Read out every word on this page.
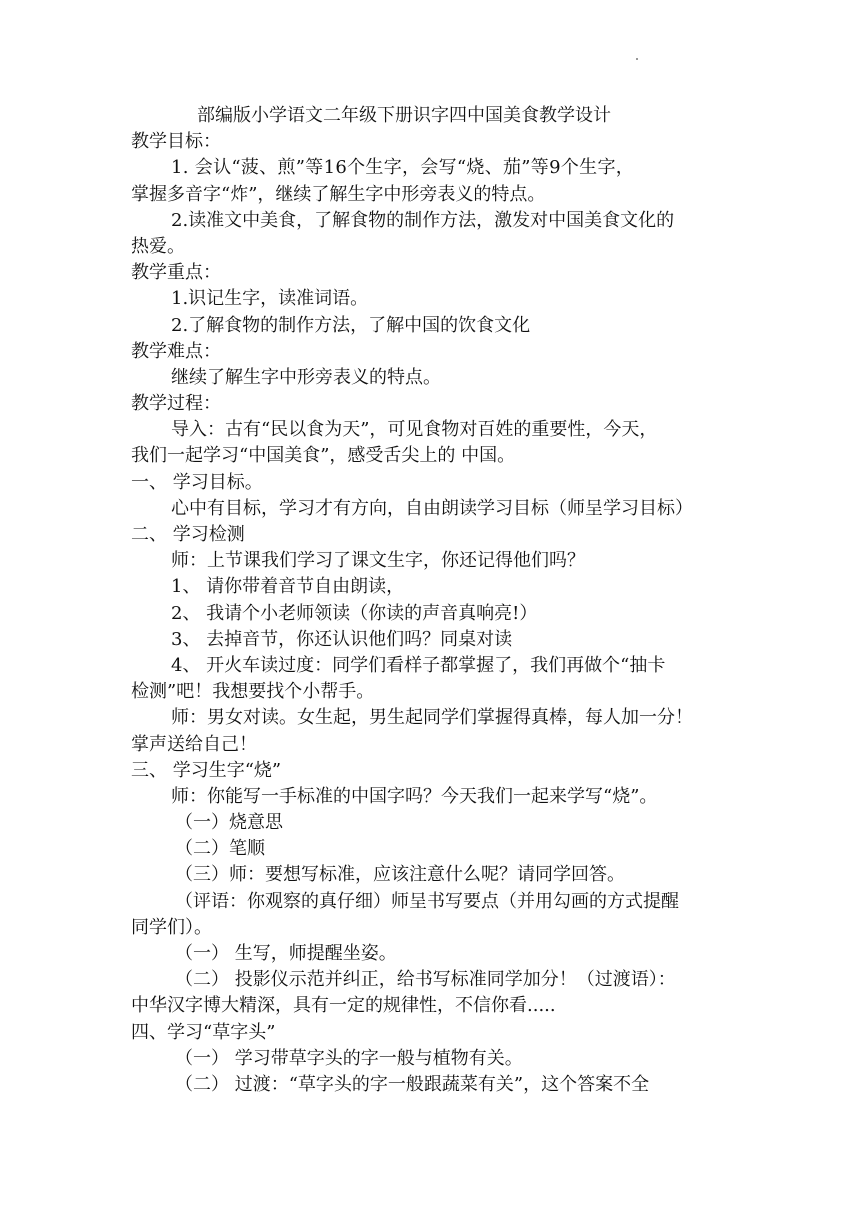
部编版小学语文二年级下册识字四中国美食教学设计
教学目标：
1. 会认“菠、煎”等16个生字，会写“烧、茄”等9个生字，
掌握多音字“炸”，继续了解生字中形旁表义的特点。
2.读准文中美食，了解食物的制作方法，激发对中国美食文化的
热爱。
教学重点：
1.识记生字，读准词语。
2.了解食物的制作方法，了解中国的饮食文化
教学难点：
继续了解生字中形旁表义的特点。
教学过程：
导入：古有“民以食为天”，可见食物对百姓的重要性，今天，
我们一起学习“中国美食”，感受舌尖上的 中国。
一、 学习目标。
心中有目标，学习才有方向，自由朗读学习目标（师呈学习目标）
二、 学习检测
师：上节课我们学习了课文生字，你还记得他们吗？
1、 请你带着音节自由朗读，
2、 我请个小老师领读（你读的声音真响亮!）
3、 去掉音节，你还认识他们吗？同桌对读
4、 开火车读过度：同学们看样子都掌握了，我们再做个“抽卡
检测”吧！我想要找个小帮手。
师：男女对读。女生起，男生起同学们掌握得真棒，每人加一分！
掌声送给自己！
三、 学习生字“烧”
师：你能写一手标准的中国字吗？今天我们一起来学写“烧”。
（一）烧意思
（二）笔顺
（三）师：要想写标准，应该注意什么呢？请同学回答。
（评语：你观察的真仔细）师呈书写要点（并用勾画的方式提醒
同学们）。
（一） 生写，师提醒坐姿。
（二） 投影仪示范并纠正，给书写标准同学加分！（过渡语）：
中华汉字博大精深，具有一定的规律性，不信你看.....
四、学习“草字头”
（一） 学习带草字头的字一般与植物有关。
（二） 过渡：“草字头的字一般跟蔬菜有关”，这个答案不全
